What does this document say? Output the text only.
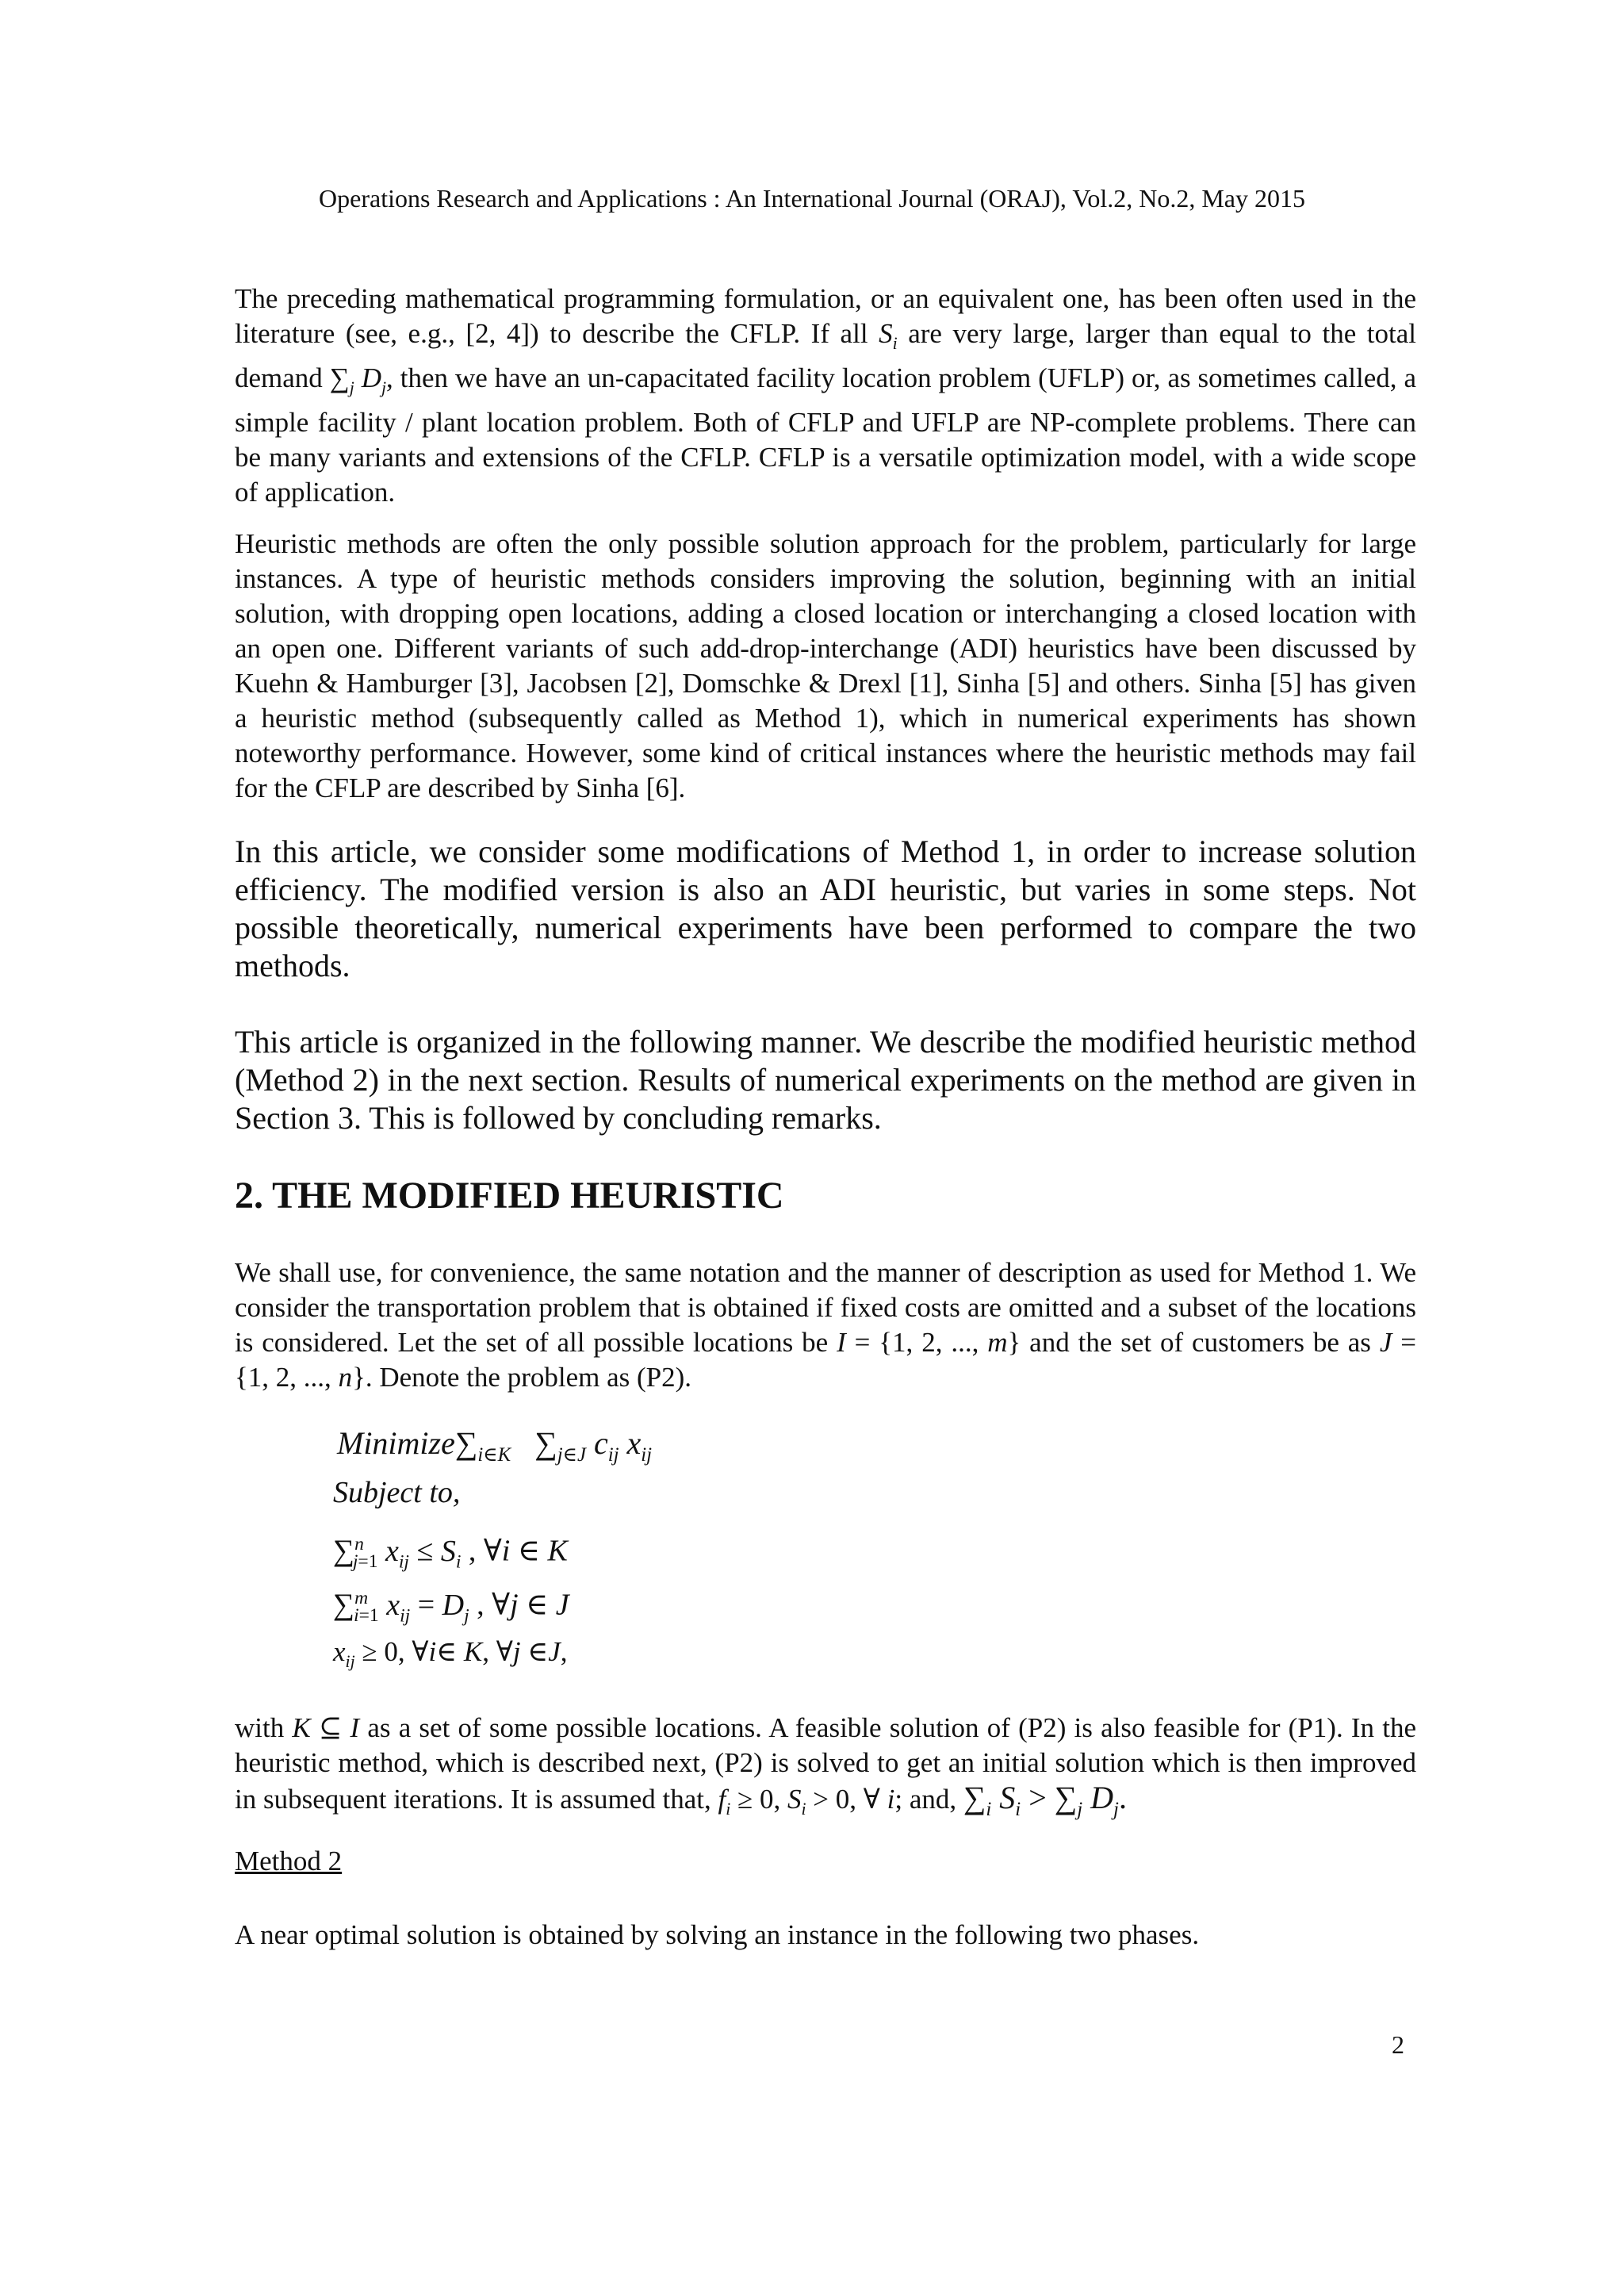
Operations Research and Applications : An International Journal (ORAJ), Vol.2, No.2, May 2015
The preceding mathematical programming formulation, or an equivalent one, has been often used in the literature (see, e.g., [2, 4]) to describe the CFLP. If all $S_i$ are very large, larger than equal to the total demand $\sum_j$ $D_j$, then we have an un-capacitated facility location problem (UFLP) or, as sometimes called, a simple facility / plant location problem. Both of CFLP and UFLP are NP-complete problems. There can be many variants and extensions of the CFLP. CFLP is a versatile optimization model, with a wide scope of application.
Heuristic methods are often the only possible solution approach for the problem, particularly for large instances. A type of heuristic methods considers improving the solution, beginning with an initial solution, with dropping open locations, adding a closed location or interchanging a closed location with an open one. Different variants of such add-drop-interchange (ADI) heuristics have been discussed by Kuehn & Hamburger [3], Jacobsen [2], Domschke & Drexl [1], Sinha [5] and others. Sinha [5] has given a heuristic method (subsequently called as Method 1), which in numerical experiments has shown noteworthy performance. However, some kind of critical instances where the heuristic methods may fail for the CFLP are described by Sinha [6].
In this article, we consider some modifications of Method 1, in order to increase solution efficiency. The modified version is also an ADI heuristic, but varies in some steps. Not possible theoretically, numerical experiments have been performed to compare the two methods.
This article is organized in the following manner. We describe the modified heuristic method (Method 2) in the next section. Results of numerical experiments on the method are given in Section 3. This is followed by concluding remarks.
2. THE MODIFIED HEURISTIC
We shall use, for convenience, the same notation and the manner of description as used for Method 1. We consider the transportation problem that is obtained if fixed costs are omitted and a subset of the locations is considered. Let the set of all possible locations be I = {1, 2, ..., m} and the set of customers be as J = {1, 2, ..., n}. Denote the problem as (P2).
$Minimize\sum_{i\in K}$   $\sum_{j\in J}$ $c_{ij}$ $x_{ij}$
Subject to,
∑$^n_{j=1}$ $x_{ij} \le S_i$ , ∀i ∈ K
∑$^m_{i=1}$ $x_{ij} = D_j$ , ∀j ∈ J
$x_{ij} \ge 0$, ∀i∈ K, ∀j ∈J,
with K ⊆ I as a set of some possible locations. A feasible solution of (P2) is also feasible for (P1). In the heuristic method, which is described next, (P2) is solved to get an initial solution which is then improved in subsequent iterations. It is assumed that, $f_i \ge 0$, $S_i > 0$, ∀ i; and, $\sum_i$ $S_i > \sum_j$ $D_j$.
Method 2
A near optimal solution is obtained by solving an instance in the following two phases.
2
